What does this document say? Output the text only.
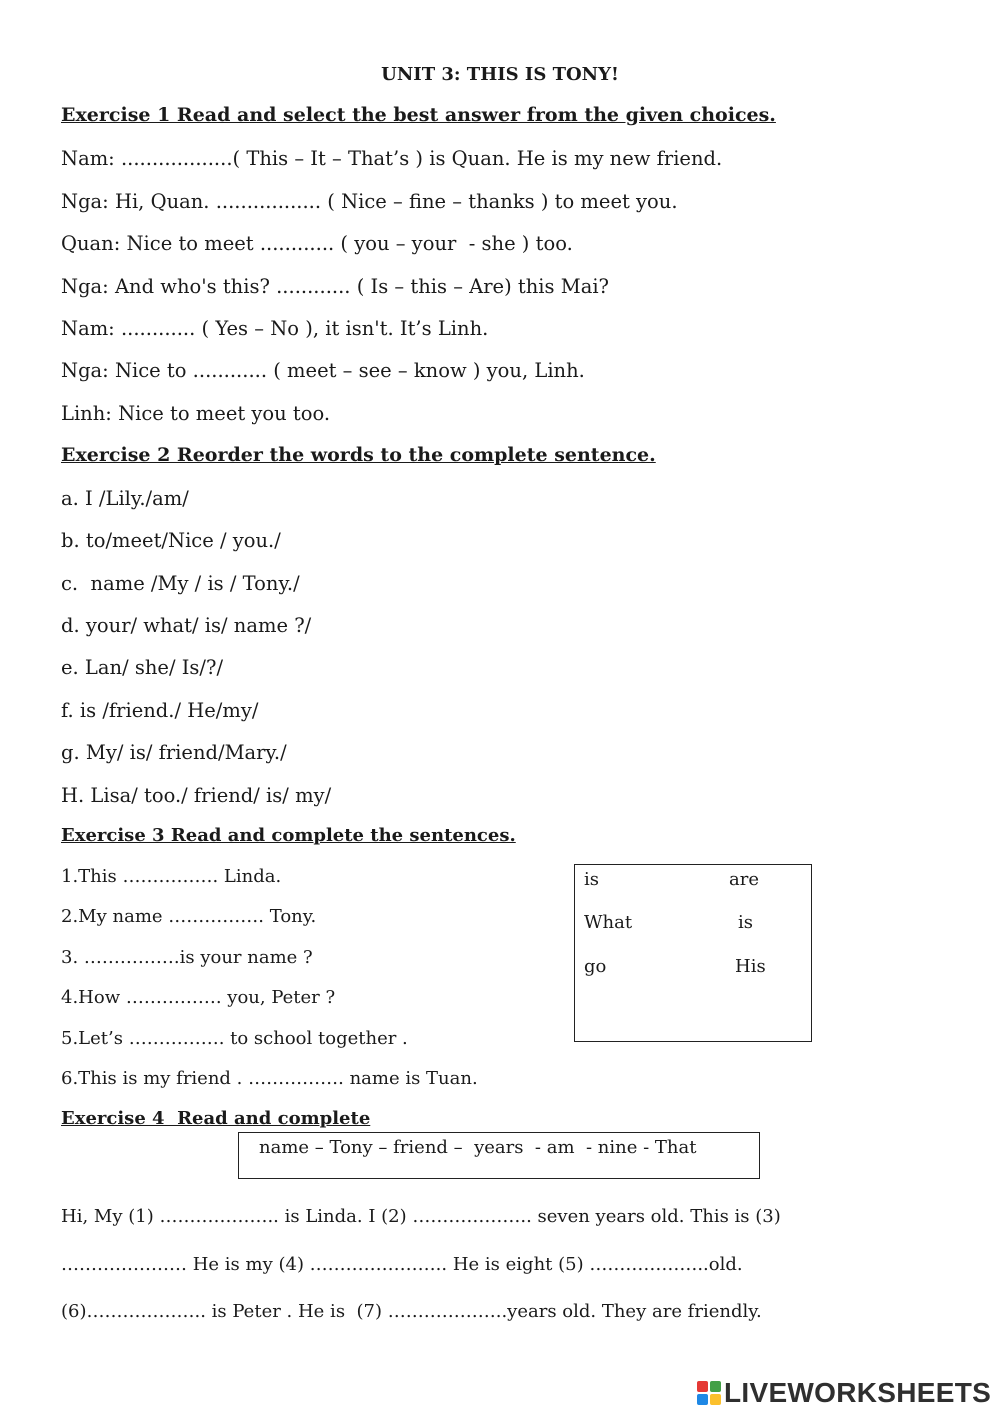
UNIT 3: THIS IS TONY!
Exercise 1 Read and select the best answer from the given choices.
Nam: ..................( This – It – That’s ) is Quan. He is my new friend.
Nga: Hi, Quan. ................. ( Nice – fine – thanks ) to meet you.
Quan: Nice to meet ............ ( you – your  - she ) too.
Nga: And who's this? ............ ( Is – this – Are) this Mai?
Nam: ............ ( Yes – No ), it isn't. It’s Linh.
Nga: Nice to ............ ( meet – see – know ) you, Linh.
Linh: Nice to meet you too.
Exercise 2 Reorder the words to the complete sentence.
a. I /Lily./am/
b. to/meet/Nice / you./
c.  name /My / is / Tony./
d. your/ what/ is/ name ?/
e. Lan/ she/ Is/?/
f. is /friend./ He/my/
g. My/ is/ friend/Mary./
H. Lisa/ too./ friend/ is/ my/
Exercise 3 Read and complete the sentences.
1.This ……………. Linda.
2.My name ……………. Tony.
3. …………….is your name ?
4.How ……………. you, Peter ?
5.Let’s ……………. to school together .
6.This is my friend . ……………. name is Tuan.
is	are
What	is
go	His
Exercise 4  Read and complete
name – Tony – friend –  years  - am  - nine - That
Hi, My (1) ……………….. is Linda. I (2) ……………….. seven years old. This is (3)
………………… He is my (4) ………………….. He is eight (5) ………………..old.
(6)……………….. is Peter . He is  (7) ………………..years old. They are friendly.
LIVEWORKSHEETS
